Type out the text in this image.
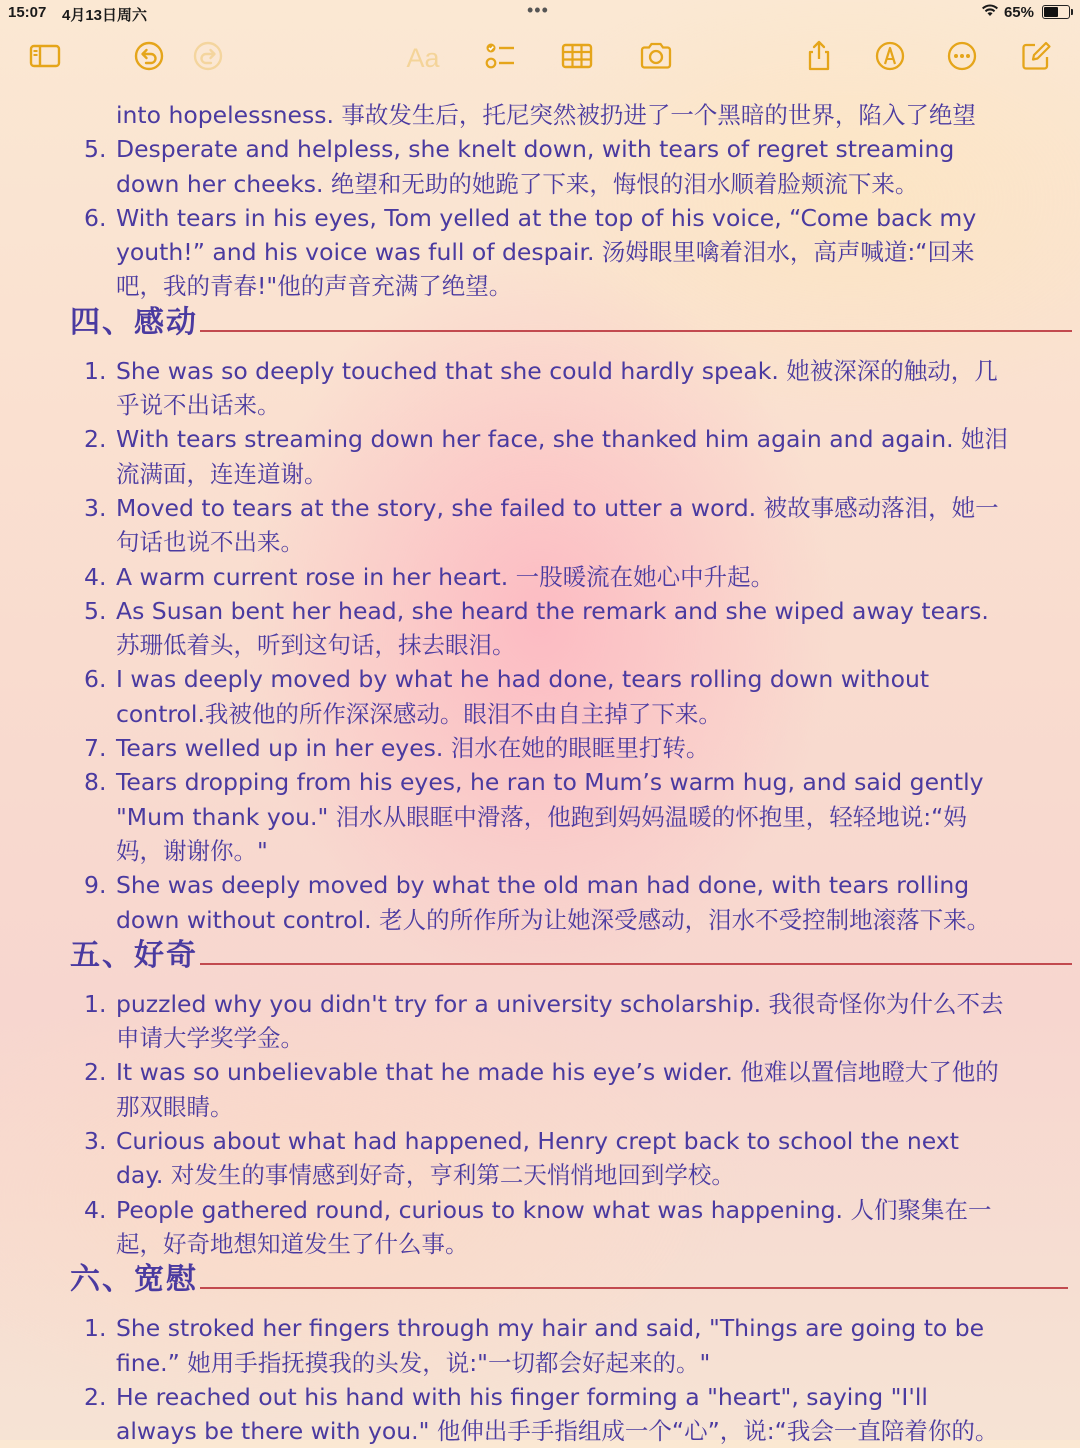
15:07 4月13日周六	•••	65%
Aa
into hopelessness. 事故发生后，托尼突然被扔进了一个黑暗的世界，陷入了绝望
5. Desperate and helpless, she knelt down, with tears of regret streaming down her cheeks. 绝望和无助的她跪了下来，悔恨的泪水顺着脸颊流下来。
6. With tears in his eyes, Tom yelled at the top of his voice, “Come back my youth!” and his voice was full of despair. 汤姆眼里噙着泪水，高声喊道:“回来吧，我的青春!"他的声音充满了绝望。
四、感动
1. She was so deeply touched that she could hardly speak. 她被深深的触动，几乎说不出话来。
2. With tears streaming down her face, she thanked him again and again. 她泪流满面，连连道谢。
3. Moved to tears at the story, she failed to utter a word. 被故事感动落泪，她一句话也说不出来。
4. A warm current rose in her heart. 一股暖流在她心中升起。
5. As Susan bent her head, she heard the remark and she wiped away tears. 苏珊低着头，听到这句话，抹去眼泪。
6. I was deeply moved by what he had done, tears rolling down without control.我被他的所作深深感动。眼泪不由自主掉了下来。
7. Tears welled up in her eyes. 泪水在她的眼眶里打转。
8. Tears dropping from his eyes, he ran to Mum’s warm hug, and said gently "Mum thank you." 泪水从眼眶中滑落，他跑到妈妈温暖的怀抱里，轻轻地说:“妈妈，谢谢你。"
9. She was deeply moved by what the old man had done, with tears rolling down without control. 老人的所作所为让她深受感动，泪水不受控制地滚落下来。
五、好奇
1. puzzled why you didn't try for a university scholarship. 我很奇怪你为什么不去申请大学奖学金。
2. It was so unbelievable that he made his eye’s wider. 他难以置信地瞪大了他的那双眼睛。
3. Curious about what had happened, Henry crept back to school the next day. 对发生的事情感到好奇，亨利第二天悄悄地回到学校。
4. People gathered round, curious to know what was happening. 人们聚集在一起，好奇地想知道发生了什么事。
六、宽慰
1. She stroked her fingers through my hair and said, "Things are going to be fine.” 她用手指抚摸我的头发，说:"一切都会好起来的。"
2. He reached out his hand with his finger forming a "heart", saying "I'll always be there with you." 他伸出手手指组成一个“心”，说:“我会一直陪着你的。
